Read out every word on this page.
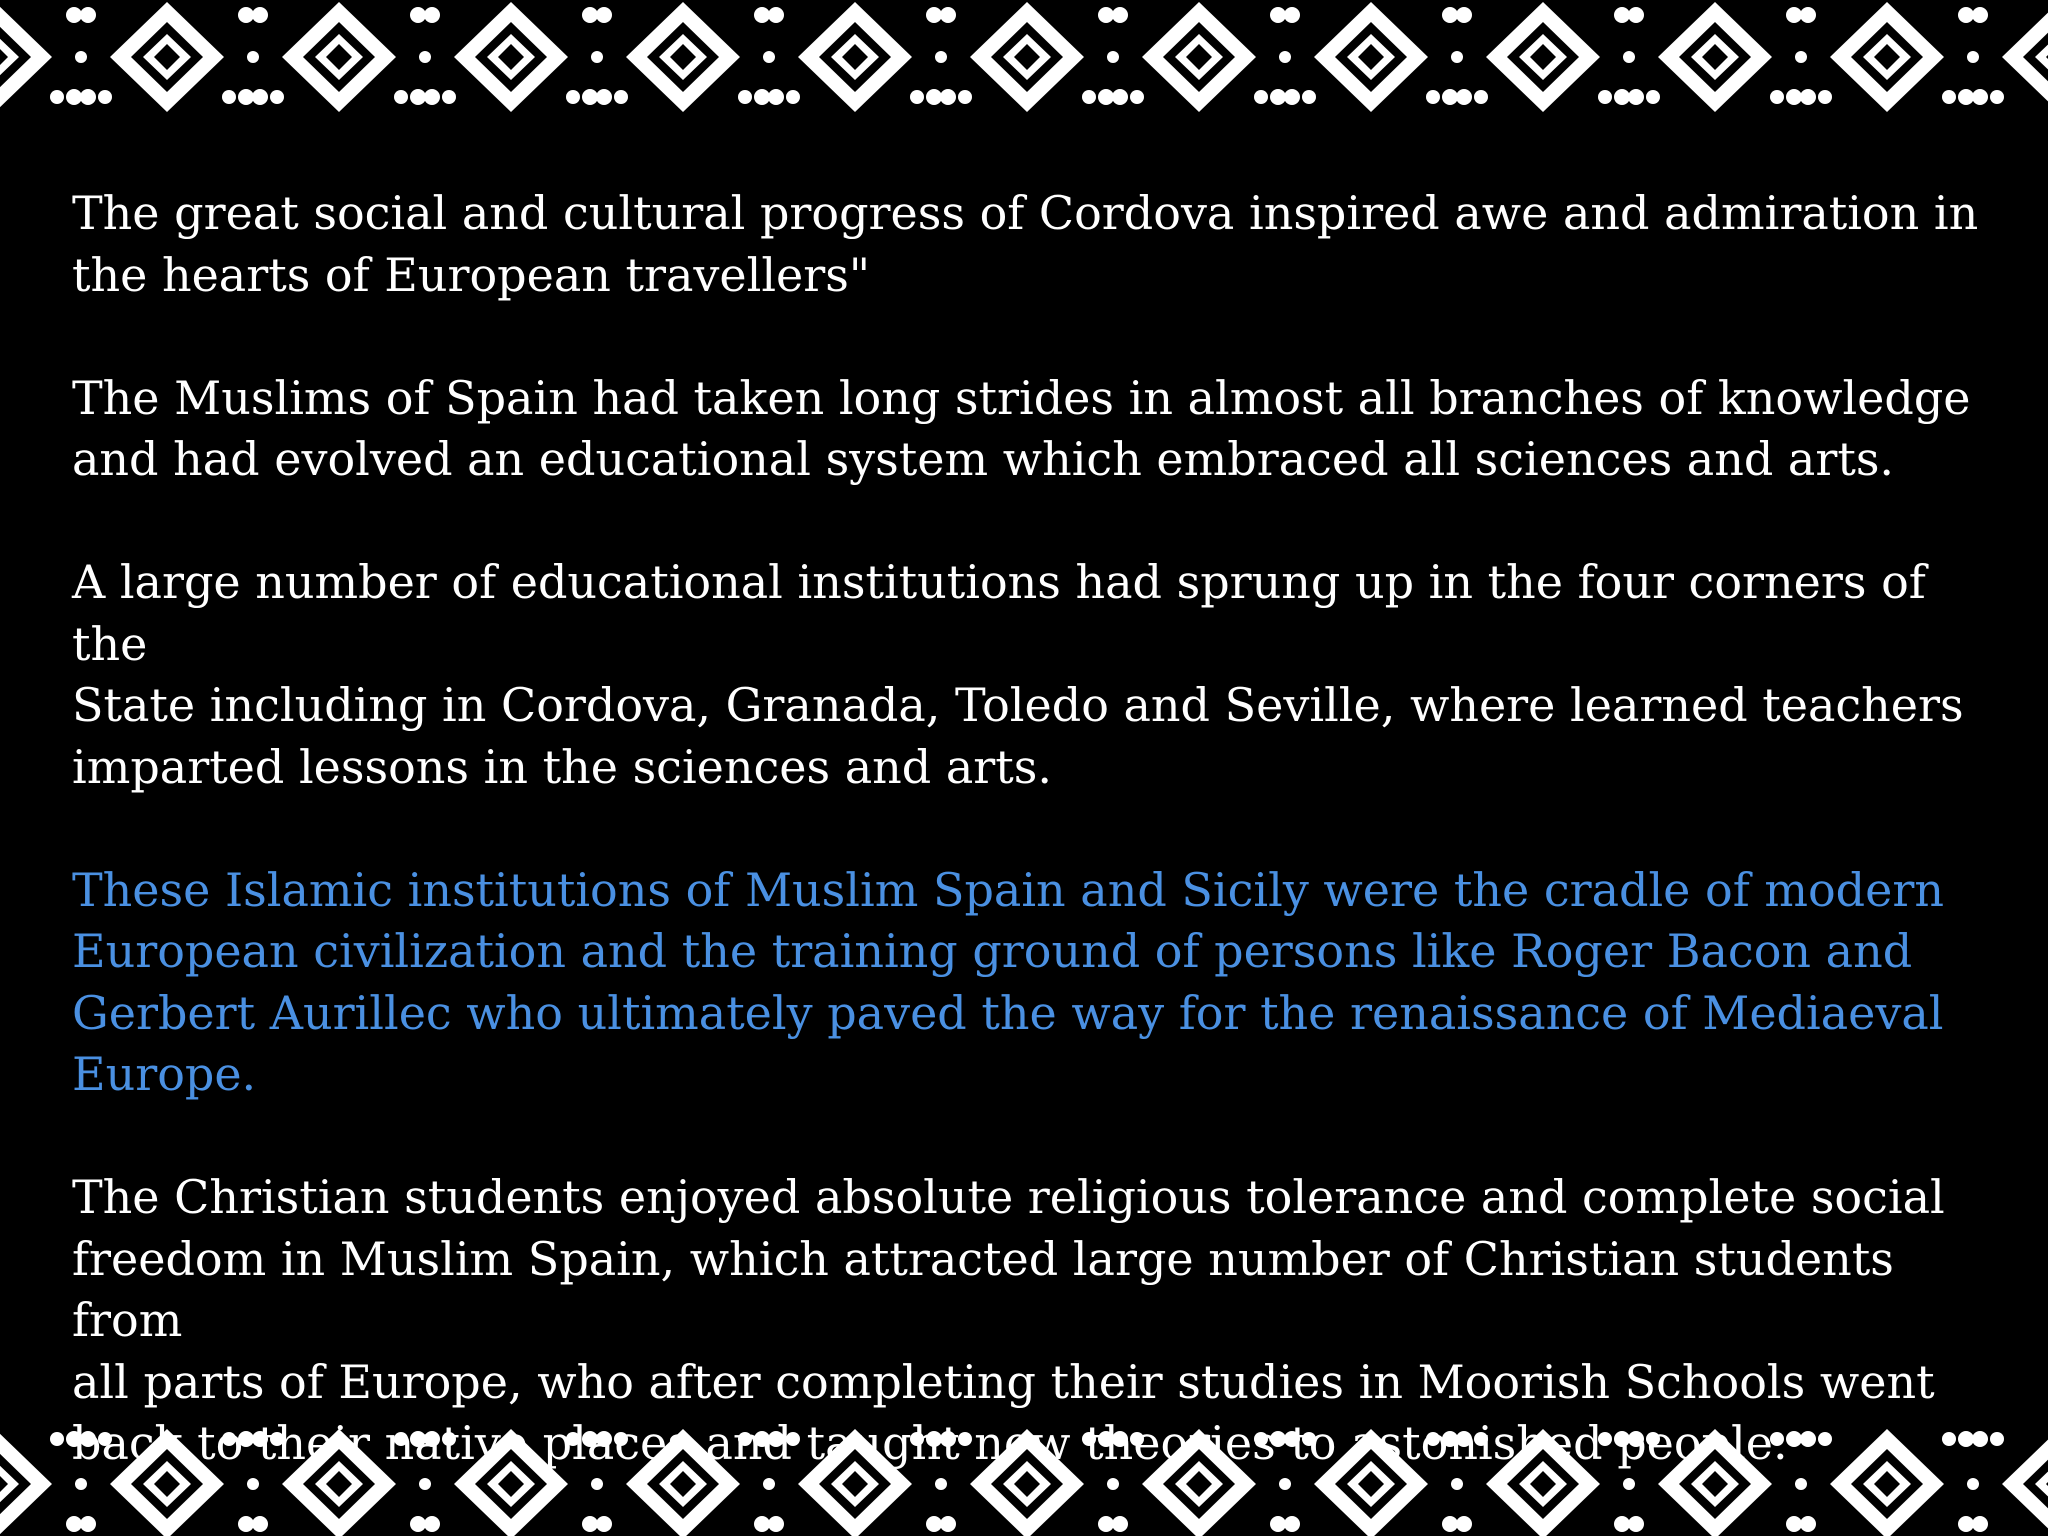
The great social and cultural progress of Cordova inspired awe and admiration in
the hearts of European travellers"

The Muslims of Spain had taken long strides in almost all branches of knowledge
and had evolved an educational system which embraced all sciences and arts.

A large number of educational institutions had sprung up in the four corners of the
State including in Cordova, Granada, Toledo and Seville, where learned teachers
imparted lessons in the sciences and arts.

These Islamic institutions of Muslim Spain and Sicily were the cradle of modern
European civilization and the training ground of persons like Roger Bacon and
Gerbert Aurillec who ultimately paved the way for the renaissance of Mediaeval
Europe.

The Christian students enjoyed absolute religious tolerance and complete social
freedom in Muslim Spain, which attracted large number of Christian students from
all parts of Europe, who after completing their studies in Moorish Schools went
